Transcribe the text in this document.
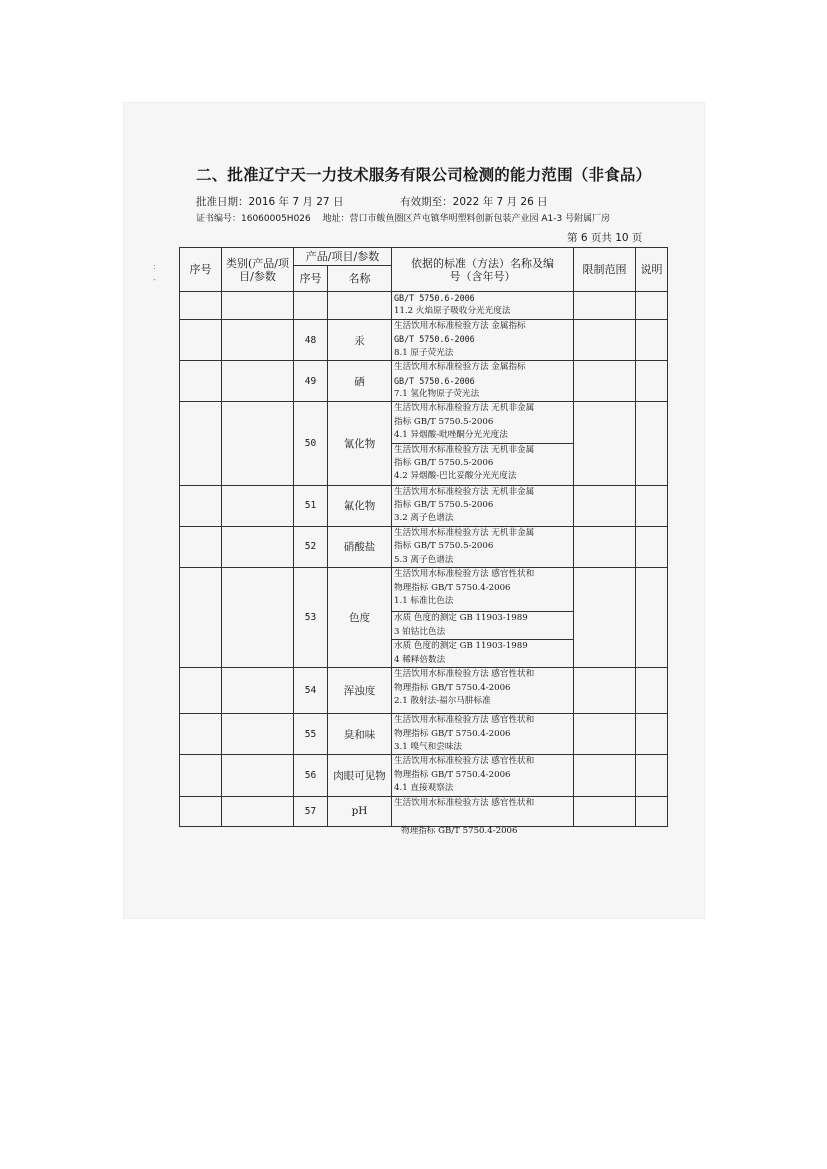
二、批准辽宁天一力技术服务有限公司检测的能力范围（非食品）
批准日期：2016 年 7 月 27 日	有效期至：2022 年 7 月 26 日
证书编号：16060005H026 地址：营口市鲅鱼圈区芦屯镇华明塑料创新包装产业园 A1-3 号附属厂房
第 6 页共 10 页
:
-
序号	类别(产品/项目/参数	产品/项目/参数		依据的标准（方法）名称及编号（含年号）	限制范围	说明
		序号	名称			

				GB/T 5750.6-2006
11.2 火焰原子吸收分光光度法		

		48	汞	生活饮用水标准检验方法 金属指标
GB/T 5750.6-2006
8.1 原子荧光法		

		49	硒	生活饮用水标准检验方法 金属指标
GB/T 5750.6-2006
7.1 氢化物原子荧光法		

		50	氰化物	生活饮用水标准检验方法 无机非金属
指标 GB/T 5750.5-2006
4.1 异烟酸-吡唑酮分光光度法		

				生活饮用水标准检验方法 无机非金属
指标 GB/T 5750.5-2006
4.2 异烟酸-巴比妥酸分光光度法		

		51	氟化物	生活饮用水标准检验方法 无机非金属
指标 GB/T 5750.5-2006
3.2 离子色谱法		

		52	硝酸盐	生活饮用水标准检验方法 无机非金属
指标 GB/T 5750.5-2006
5.3 离子色谱法		

		53	色度	生活饮用水标准检验方法 感官性状和
物理指标 GB/T 5750.4-2006
1.1 标准比色法		

				水质 色度的测定 GB 11903-1989
3 铂钴比色法		

				水质 色度的测定 GB 11903-1989
4 稀释倍数法		

		54	浑浊度	生活饮用水标准检验方法 感官性状和
物理指标 GB/T 5750.4-2006
2.1 散射法-福尔马肼标准		

		55	臭和味	生活饮用水标准检验方法 感官性状和
物理指标 GB/T 5750.4-2006
3.1 嗅气和尝味法		

		56	肉眼可见物	生活饮用水标准检验方法 感官性状和
物理指标 GB/T 5750.4-2006
4.1 直接观察法		

		57	pH	生活饮用水标准检验方法 感官性状和		

物理指标 GB/T 5750.4-2006
